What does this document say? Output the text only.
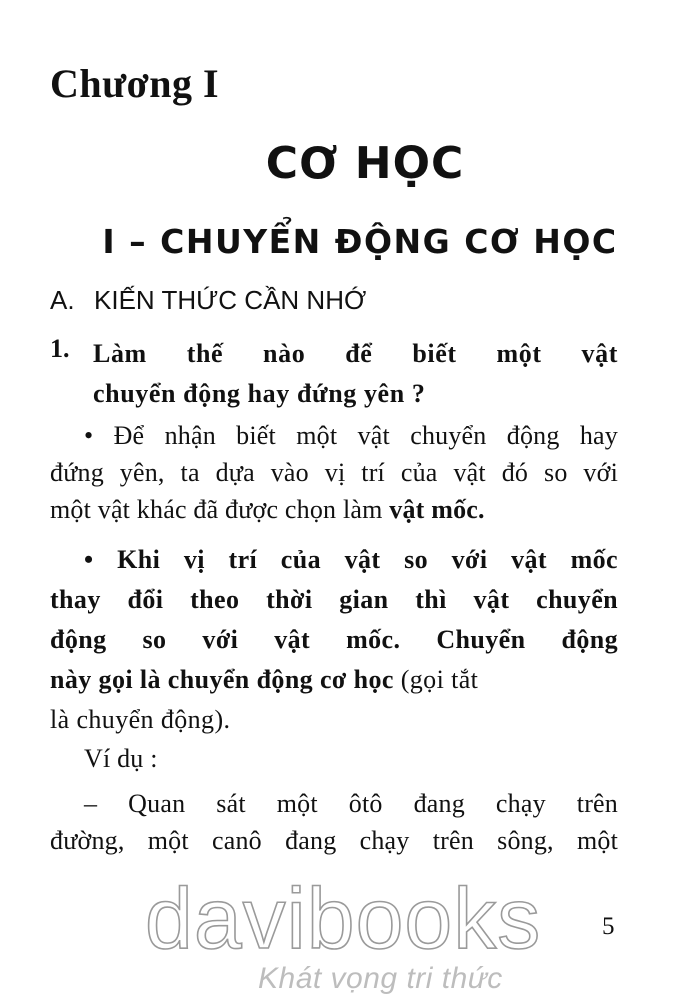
Chương I
CƠ HỌC
I – CHUYỂN ĐỘNG CƠ HỌC
A. KIẾN THỨC CẦN NHỚ
1. Làm thế nào để biết một vật
chuyển động hay đứng yên ?
• Để nhận biết một vật chuyển động hay
đứng yên, ta dựa vào vị trí của vật đó so với
một vật khác đã được chọn làm vật mốc.
• Khi vị trí của vật so với vật mốc
thay đổi theo thời gian thì vật chuyển
động so với vật mốc. Chuyển động
này gọi là chuyển động cơ học (gọi tắt
là chuyển động).
Ví dụ :
– Quan sát một ôtô đang chạy trên
đường, một canô đang chạy trên sông, một
davibooks
Khát vọng tri thức
5
